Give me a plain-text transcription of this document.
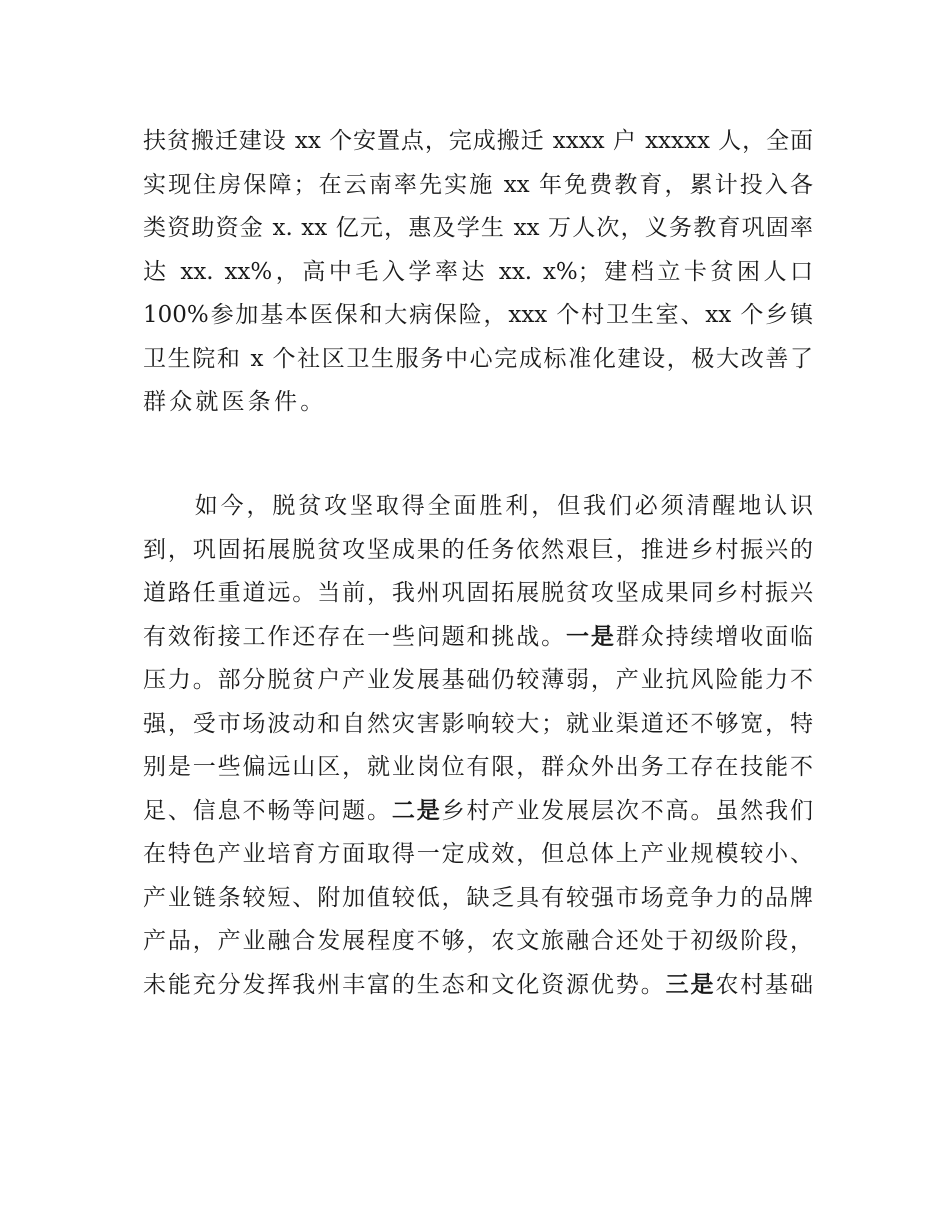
扶贫搬迁建设 xx 个安置点，完成搬迁 xxxx 户 xxxxx 人，全面
实现住房保障；在云南率先实施 xx 年免费教育，累计投入各
类资助资金 x. xx 亿元，惠及学生 xx 万人次，义务教育巩固率
达 xx. xx%，高中毛入学率达 xx. x%；建档立卡贫困人口
100%参加基本医保和大病保险，xxx 个村卫生室、xx 个乡镇
卫生院和 x 个社区卫生服务中心完成标准化建设，极大改善了
群众就医条件。
　　如今，脱贫攻坚取得全面胜利，但我们必须清醒地认识
到，巩固拓展脱贫攻坚成果的任务依然艰巨，推进乡村振兴的
道路任重道远。当前，我州巩固拓展脱贫攻坚成果同乡村振兴
有效衔接工作还存在一些问题和挑战。一是群众持续增收面临
压力。部分脱贫户产业发展基础仍较薄弱，产业抗风险能力不
强，受市场波动和自然灾害影响较大；就业渠道还不够宽，特
别是一些偏远山区，就业岗位有限，群众外出务工存在技能不
足、信息不畅等问题。二是乡村产业发展层次不高。虽然我们
在特色产业培育方面取得一定成效，但总体上产业规模较小、
产业链条较短、附加值较低，缺乏具有较强市场竞争力的品牌
产品，产业融合发展程度不够，农文旅融合还处于初级阶段，
未能充分发挥我州丰富的生态和文化资源优势。三是农村基础
